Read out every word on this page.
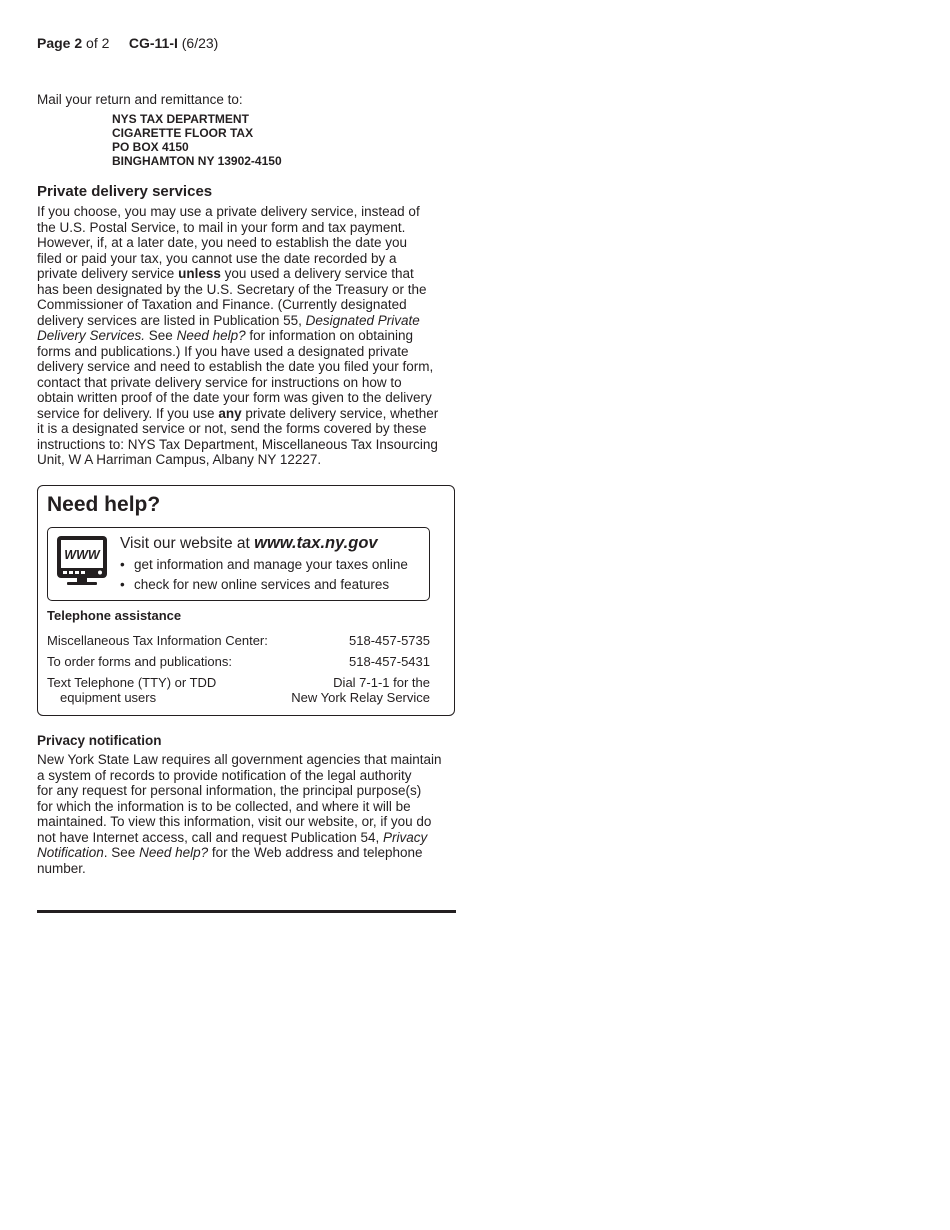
Page 2 of 2 CG-11-I (6/23)
Mail your return and remittance to:
NYS TAX DEPARTMENT
CIGARETTE FLOOR TAX
PO BOX 4150
BINGHAMTON NY 13902-4150
Private delivery services
If you choose, you may use a private delivery service, instead of
the U.S. Postal Service, to mail in your form and tax payment.
However, if, at a later date, you need to establish the date you
filed or paid your tax, you cannot use the date recorded by a
private delivery service unless you used a delivery service that
has been designated by the U.S. Secretary of the Treasury or the
Commissioner of Taxation and Finance. (Currently designated
delivery services are listed in Publication 55, Designated Private
Delivery Services. See Need help? for information on obtaining
forms and publications.) If you have used a designated private
delivery service and need to establish the date you filed your form,
contact that private delivery service for instructions on how to
obtain written proof of the date your form was given to the delivery
service for delivery. If you use any private delivery service, whether
it is a designated service or not, send the forms covered by these
instructions to: NYS Tax Department, Miscellaneous Tax Insourcing
Unit, W A Harriman Campus, Albany NY 12227.
Need help?
WWW
Visit our website at www.tax.ny.gov
• get information and manage your taxes online
• check for new online services and features
Telephone assistance
Miscellaneous Tax Information Center:	518-457-5735
To order forms and publications:	518-457-5431
Text Telephone (TTY) or TDD	Dial 7-1-1 for the
equipment users	New York Relay Service
Privacy notification
New York State Law requires all government agencies that maintain
a system of records to provide notification of the legal authority
for any request for personal information, the principal purpose(s)
for which the information is to be collected, and where it will be
maintained. To view this information, visit our website, or, if you do
not have Internet access, call and request Publication 54, Privacy
Notification. See Need help? for the Web address and telephone
number.
